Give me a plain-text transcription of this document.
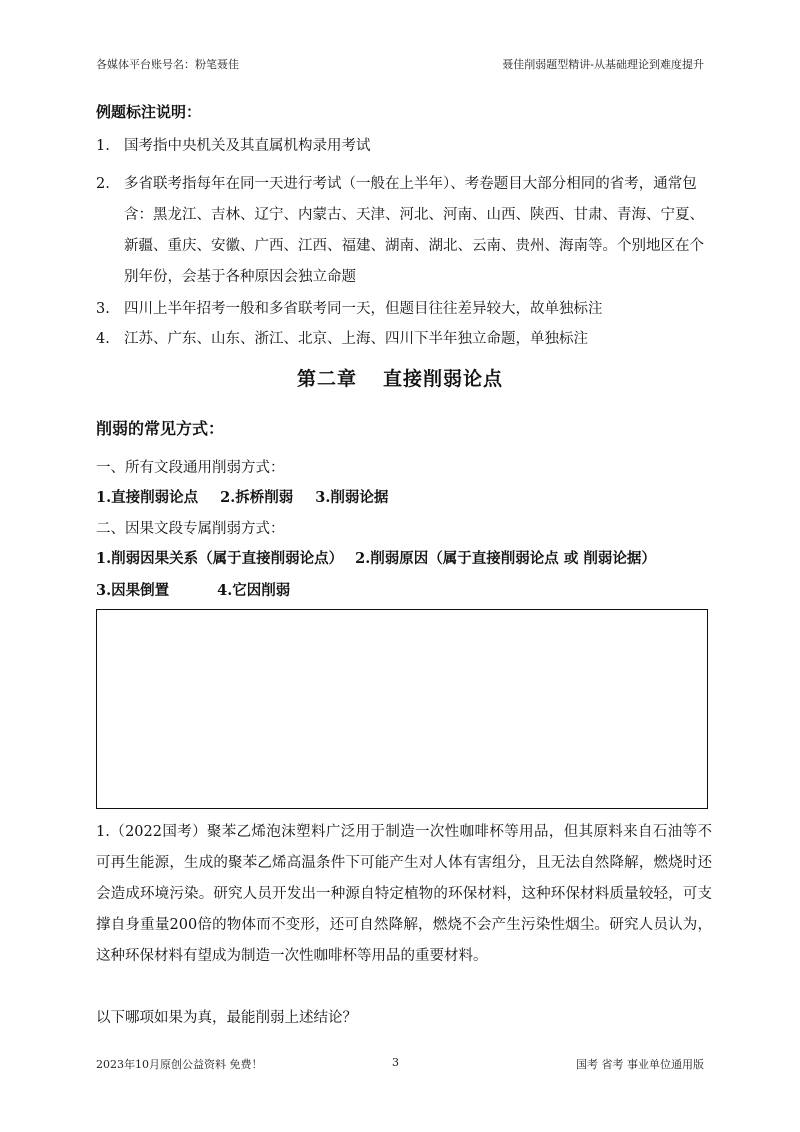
各媒体平台账号名：粉笔聂佳	聂佳削弱题型精讲-从基础理论到难度提升
例题标注说明：
1. 国考指中央机关及其直属机构录用考试
2. 多省联考指每年在同一天进行考试（一般在上半年）、考卷题目大部分相同的省考，通常包含：黑龙江、吉林、辽宁、内蒙古、天津、河北、河南、山西、陕西、甘肃、青海、宁夏、新疆、重庆、安徽、广西、江西、福建、湖南、湖北、云南、贵州、海南等。个别地区在个别年份，会基于各种原因会独立命题
3. 四川上半年招考一般和多省联考同一天，但题目往往差异较大，故单独标注
4. 江苏、广东、山东、浙江、北京、上海、四川下半年独立命题，单独标注
第二章 直接削弱论点
削弱的常见方式：
一、所有文段通用削弱方式：
1.直接削弱论点 2.拆桥削弱 3.削弱论据
二、因果文段专属削弱方式：
1.削弱因果关系（属于直接削弱论点） 2.削弱原因（属于直接削弱论点 或 削弱论据）
3.因果倒置	4.它因削弱

1.（2022国考）聚苯乙烯泡沫塑料广泛用于制造一次性咖啡杯等用品，但其原料来自石油等不可再生能源，生成的聚苯乙烯高温条件下可能产生对人体有害组分，且无法自然降解，燃烧时还会造成环境污染。研究人员开发出一种源自特定植物的环保材料，这种环保材料质量较轻，可支撑自身重量200倍的物体而不变形，还可自然降解，燃烧不会产生污染性烟尘。研究人员认为，这种环保材料有望成为制造一次性咖啡杯等用品的重要材料。

以下哪项如果为真，最能削弱上述结论？
2023年10月原创公益资料 免费！	3	国考 省考 事业单位通用版
